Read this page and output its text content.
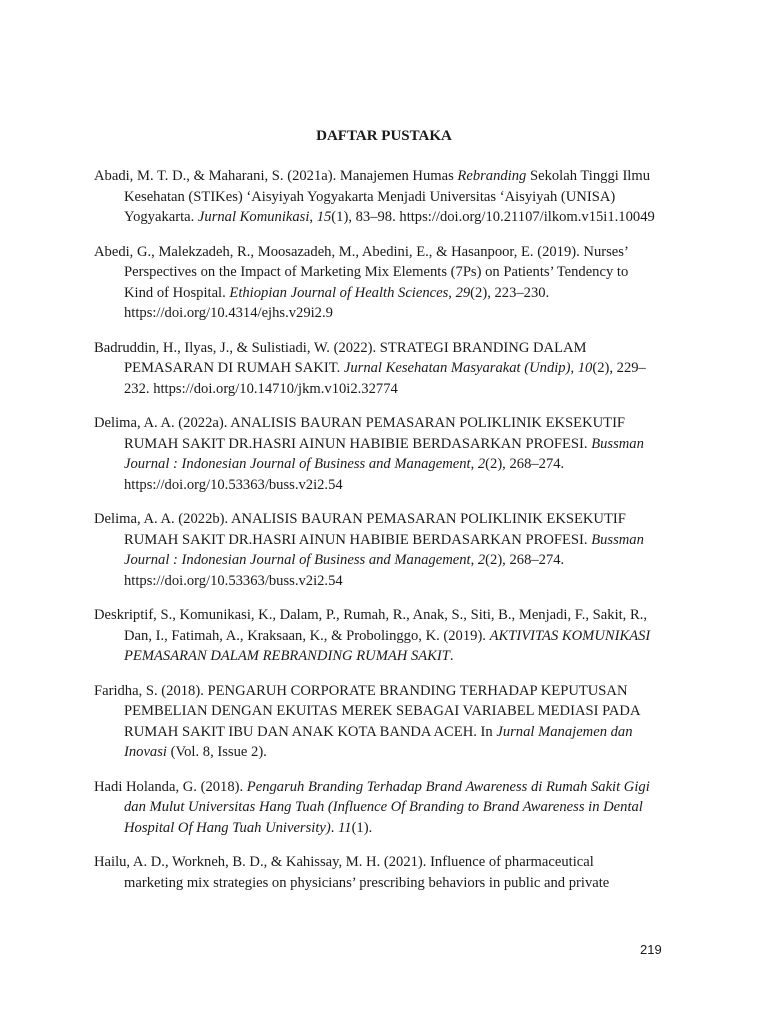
DAFTAR PUSTAKA

Abadi, M. T. D., & Maharani, S. (2021a). Manajemen Humas Rebranding Sekolah Tinggi Ilmu Kesehatan (STIKes) ‘Aisyiyah Yogyakarta Menjadi Universitas ‘Aisyiyah (UNISA) Yogyakarta. Jurnal Komunikasi, 15(1), 83–98. https://doi.org/10.21107/ilkom.v15i1.10049

Abedi, G., Malekzadeh, R., Moosazadeh, M., Abedini, E., & Hasanpoor, E. (2019). Nurses’ Perspectives on the Impact of Marketing Mix Elements (7Ps) on Patients’ Tendency to Kind of Hospital. Ethiopian Journal of Health Sciences, 29(2), 223–230. https://doi.org/10.4314/ejhs.v29i2.9

Badruddin, H., Ilyas, J., & Sulistiadi, W. (2022). STRATEGI BRANDING DALAM PEMASARAN DI RUMAH SAKIT. Jurnal Kesehatan Masyarakat (Undip), 10(2), 229–232. https://doi.org/10.14710/jkm.v10i2.32774

Delima, A. A. (2022a). ANALISIS BAURAN PEMASARAN POLIKLINIK EKSEKUTIF RUMAH SAKIT DR.HASRI AINUN HABIBIE BERDASARKAN PROFESI. Bussman Journal : Indonesian Journal of Business and Management, 2(2), 268–274. https://doi.org/10.53363/buss.v2i2.54

Delima, A. A. (2022b). ANALISIS BAURAN PEMASARAN POLIKLINIK EKSEKUTIF RUMAH SAKIT DR.HASRI AINUN HABIBIE BERDASARKAN PROFESI. Bussman Journal : Indonesian Journal of Business and Management, 2(2), 268–274. https://doi.org/10.53363/buss.v2i2.54

Deskriptif, S., Komunikasi, K., Dalam, P., Rumah, R., Anak, S., Siti, B., Menjadi, F., Sakit, R., Dan, I., Fatimah, A., Kraksaan, K., & Probolinggo, K. (2019). AKTIVITAS KOMUNIKASI PEMASARAN DALAM REBRANDING RUMAH SAKIT.

Faridha, S. (2018). PENGARUH CORPORATE BRANDING TERHADAP KEPUTUSAN PEMBELIAN DENGAN EKUITAS MEREK SEBAGAI VARIABEL MEDIASI PADA RUMAH SAKIT IBU DAN ANAK KOTA BANDA ACEH. In Jurnal Manajemen dan Inovasi (Vol. 8, Issue 2).

Hadi Holanda, G. (2018). Pengaruh Branding Terhadap Brand Awareness di Rumah Sakit Gigi dan Mulut Universitas Hang Tuah (Influence Of Branding to Brand Awareness in Dental Hospital Of Hang Tuah University). 11(1).

Hailu, A. D., Workneh, B. D., & Kahissay, M. H. (2021). Influence of pharmaceutical marketing mix strategies on physicians’ prescribing behaviors in public and private

219
